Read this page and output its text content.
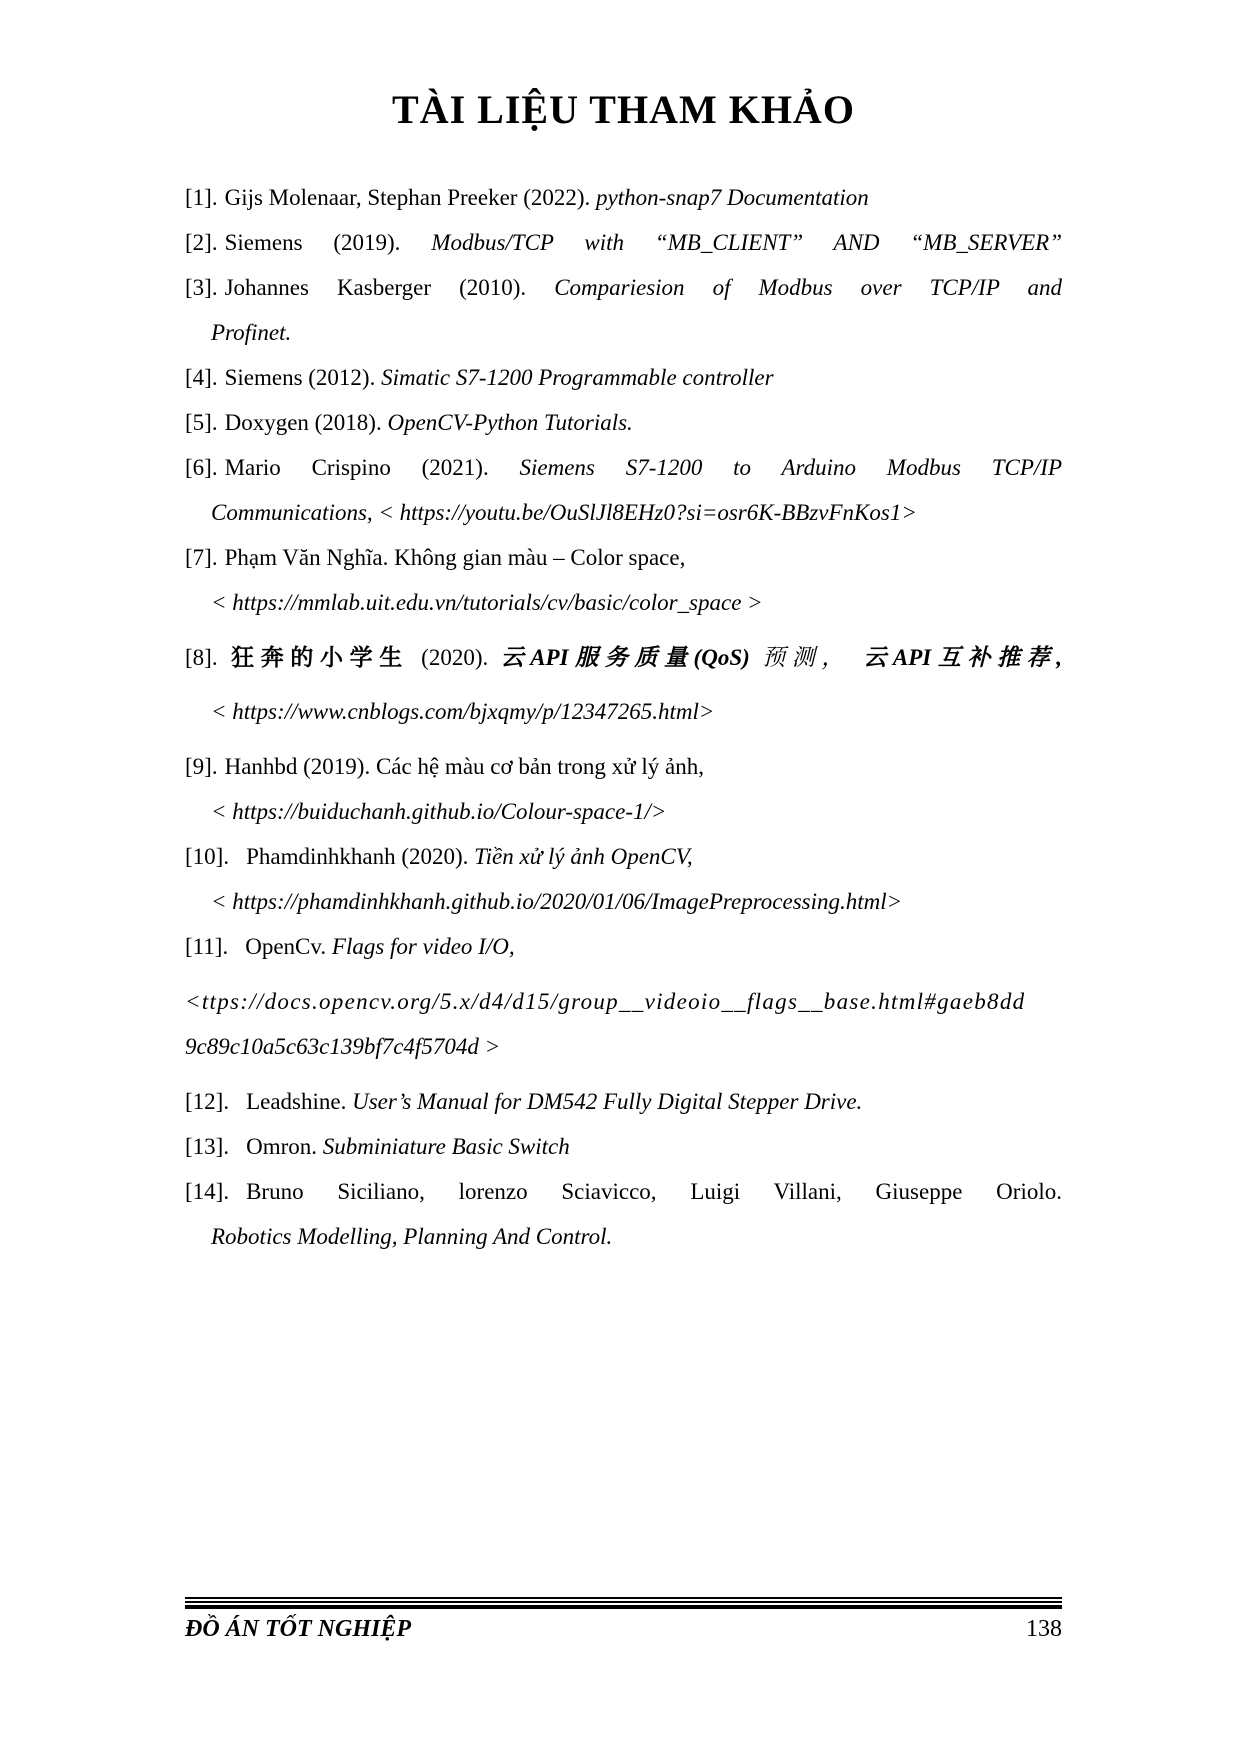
TÀI LIỆU THAM KHẢO
[1]. Gijs Molenaar, Stephan Preeker (2022). python-snap7 Documentation
[2]. Siemens (2019). Modbus/TCP with “MB_CLIENT” AND “MB_SERVER”
[3]. Johannes Kasberger (2010). Compariesion of Modbus over TCP/IP and
Profinet.
[4]. Siemens (2012). Simatic S7-1200 Programmable controller
[5]. Doxygen (2018). OpenCV-Python Tutorials.
[6]. Mario Crispino (2021). Siemens S7-1200 to Arduino Modbus TCP/IP
Communications, < https://youtu.be/OuSlJl8EHz0?si=osr6K-BBzvFnKos1>
[7]. Phạm Văn Nghĩa. Không gian màu – Color space,
< https://mmlab.uit.edu.vn/tutorials/cv/basic/color_space >
[8]. 狂奔的小学生 (2020). 云API服务质量(QoS) 预测， 云API互补推荐,
< https://www.cnblogs.com/bjxqmy/p/12347265.html>
[9]. Hanhbd (2019). Các hệ màu cơ bản trong xử lý ảnh,
< https://buiduchanh.github.io/Colour-space-1/>
[10]. Phamdinhkhanh (2020). Tiền xử lý ảnh OpenCV,
< https://phamdinhkhanh.github.io/2020/01/06/ImagePreprocessing.html>
[11]. OpenCv. Flags for video I/O,
<ttps://docs.opencv.org/5.x/d4/d15/group__videoio__flags__base.html#gaeb8dd
9c89c10a5c63c139bf7c4f5704d >
[12]. Leadshine. User’s Manual for DM542 Fully Digital Stepper Drive.
[13]. Omron. Subminiature Basic Switch
[14]. Bruno Siciliano, lorenzo Sciavicco, Luigi Villani, Giuseppe Oriolo.
Robotics Modelling, Planning And Control.
ĐỒ ÁN TỐT NGHIỆP	138
